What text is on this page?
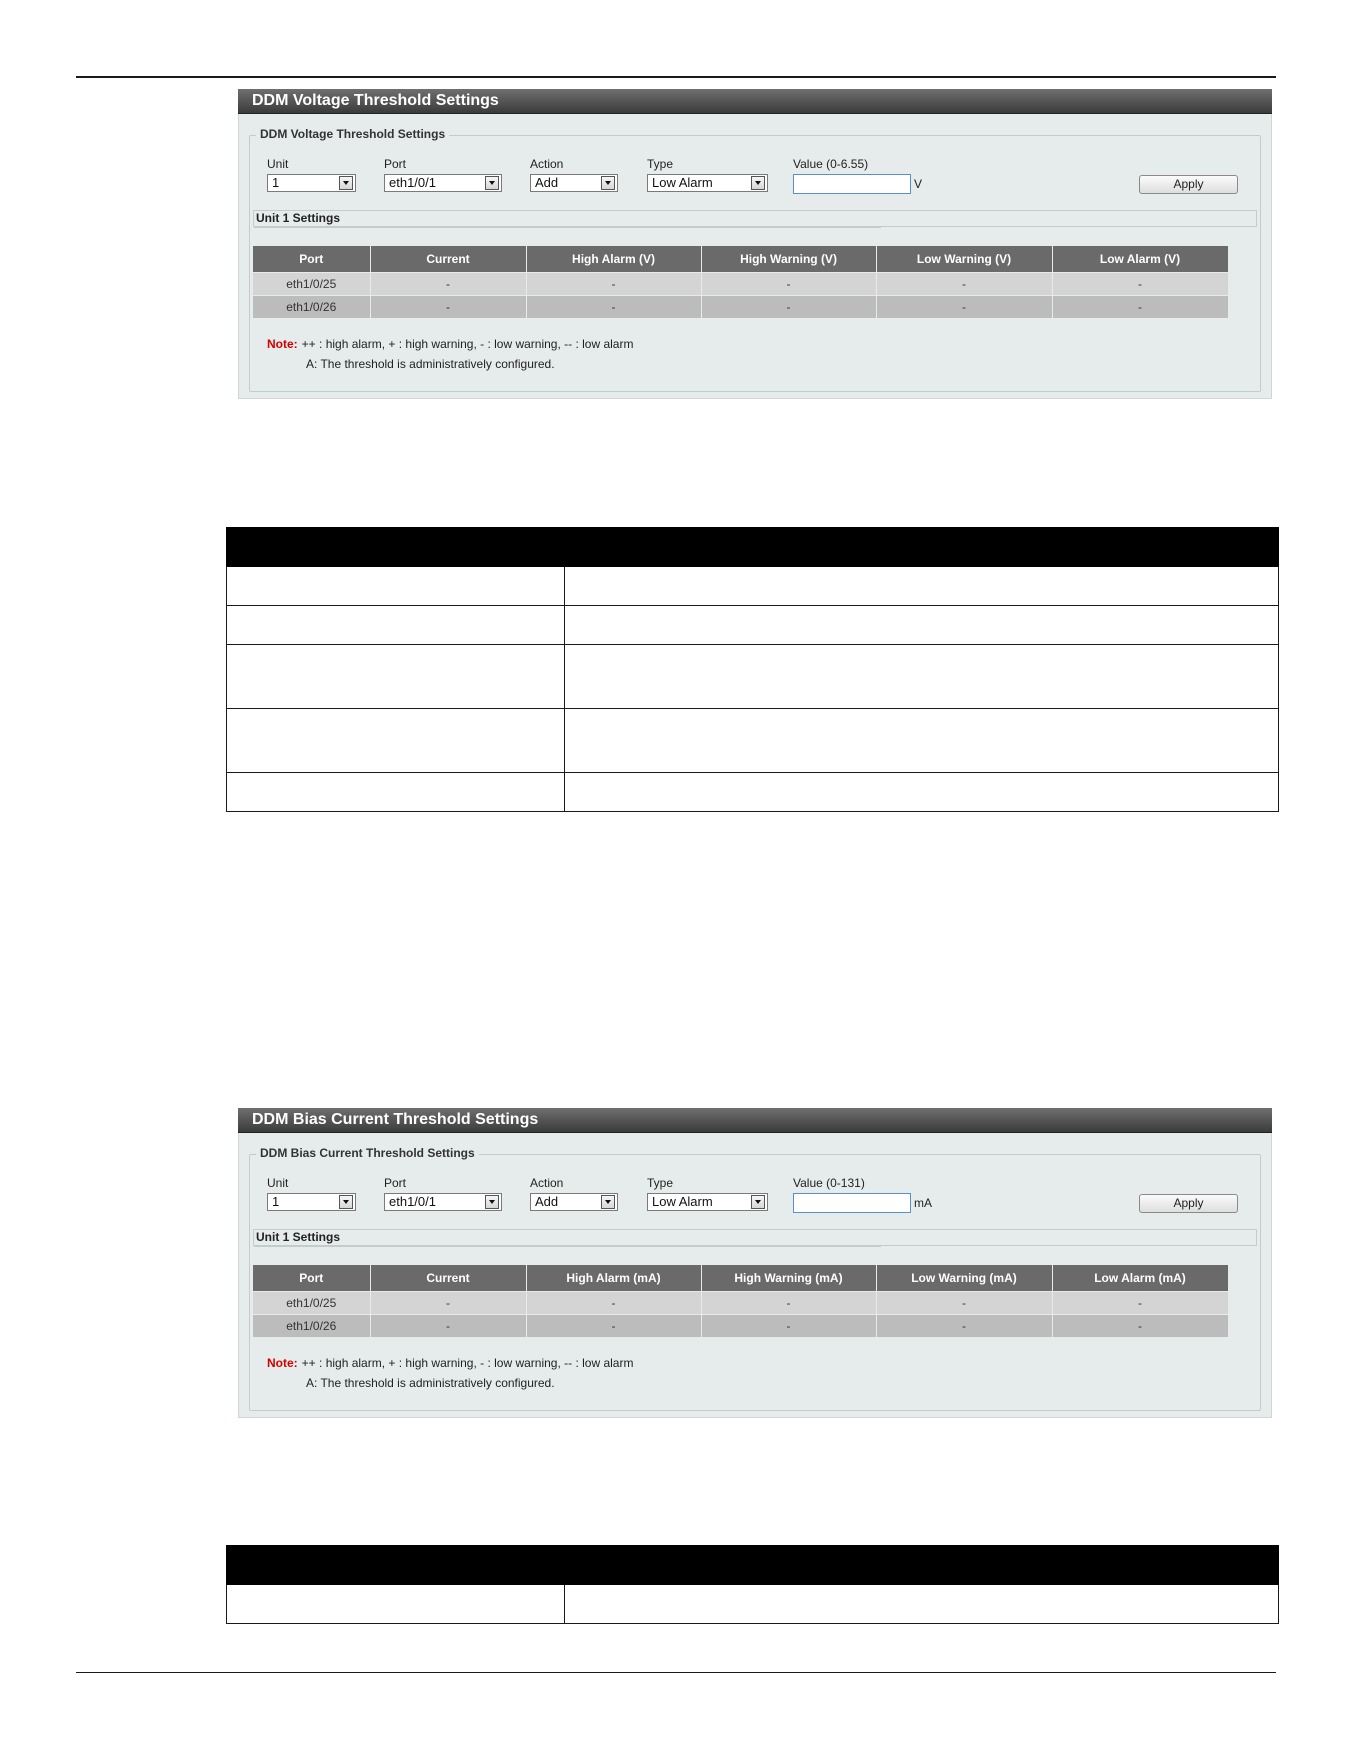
DDM Voltage Threshold Settings
DDM Voltage Threshold Settings
Unit
1
Port
eth1/0/1
Action
Add
Type
Low Alarm
Value (0-6.55)
V	Apply
Unit 1 Settings
Port	Current	High Alarm (V)	High Warning (V)	Low Warning (V)	Low Alarm (V)
eth1/0/25	-	-	-	-	-
eth1/0/26	-	-	-	-	-
Note: ++ : high alarm, + : high warning, - : low warning, -- : low alarm
A: The threshold is administratively configured.

DDM Bias Current Threshold Settings
DDM Bias Current Threshold Settings
Unit
1
Port
eth1/0/1
Action
Add
Type
Low Alarm
Value (0-131)
mA	Apply
Unit 1 Settings
Port	Current	High Alarm (mA)	High Warning (mA)	Low Warning (mA)	Low Alarm (mA)
eth1/0/25	-	-	-	-	-
eth1/0/26	-	-	-	-	-
Note: ++ : high alarm, + : high warning, - : low warning, -- : low alarm
A: The threshold is administratively configured.
